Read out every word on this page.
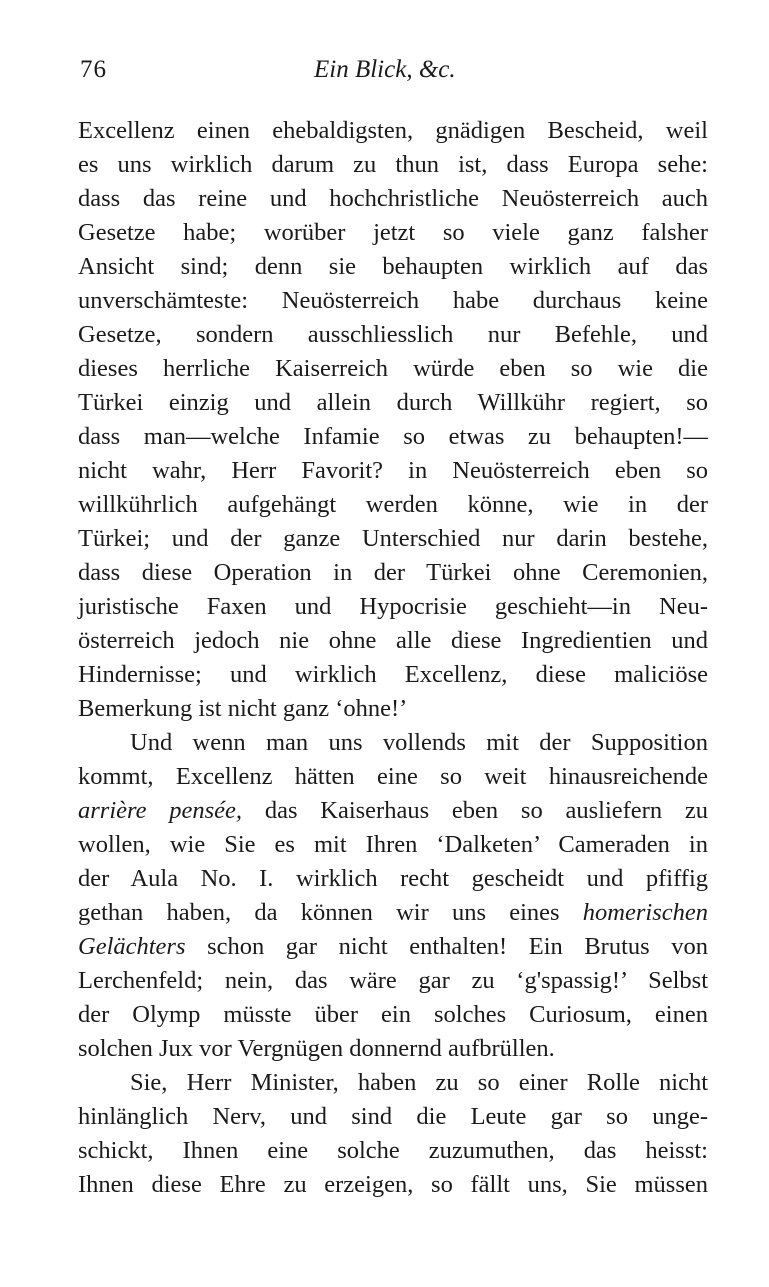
76	Ein Blick, &c.
Excellenz einen ehebaldigsten, gnädigen Bescheid, weil
es uns wirklich darum zu thun ist, dass Europa sehe:
dass das reine und hochchristliche Neuösterreich auch
Gesetze habe; worüber jetzt so viele ganz falsher
Ansicht sind; denn sie behaupten wirklich auf das
unverschämteste: Neuösterreich habe durchaus keine
Gesetze, sondern ausschliesslich nur Befehle, und
dieses herrliche Kaiserreich würde eben so wie die
Türkei einzig und allein durch Willkühr regiert, so
dass man—welche Infamie so etwas zu behaupten!—
nicht wahr, Herr Favorit? in Neuösterreich eben so
willkührlich aufgehängt werden könne, wie in der
Türkei; und der ganze Unterschied nur darin bestehe,
dass diese Operation in der Türkei ohne Ceremonien,
juristische Faxen und Hypocrisie geschieht—in Neu-
österreich jedoch nie ohne alle diese Ingredientien und
Hindernisse; und wirklich Excellenz, diese maliciöse
Bemerkung ist nicht ganz ‘ohne!’
Und wenn man uns vollends mit der Supposition
kommt, Excellenz hätten eine so weit hinausreichende
arrière pensée, das Kaiserhaus eben so ausliefern zu
wollen, wie Sie es mit Ihren ‘Dalketen’ Cameraden in
der Aula No. I. wirklich recht gescheidt und pfiffig
gethan haben, da können wir uns eines homerischen
Gelächters schon gar nicht enthalten! Ein Brutus von
Lerchenfeld; nein, das wäre gar zu ‘g'spassig!’ Selbst
der Olymp müsste über ein solches Curiosum, einen
solchen Jux vor Vergnügen donnernd aufbrüllen.
Sie, Herr Minister, haben zu so einer Rolle nicht
hinlänglich Nerv, und sind die Leute gar so unge-
schickt, Ihnen eine solche zuzumuthen, das heisst:
Ihnen diese Ehre zu erzeigen, so fällt uns, Sie müssen
